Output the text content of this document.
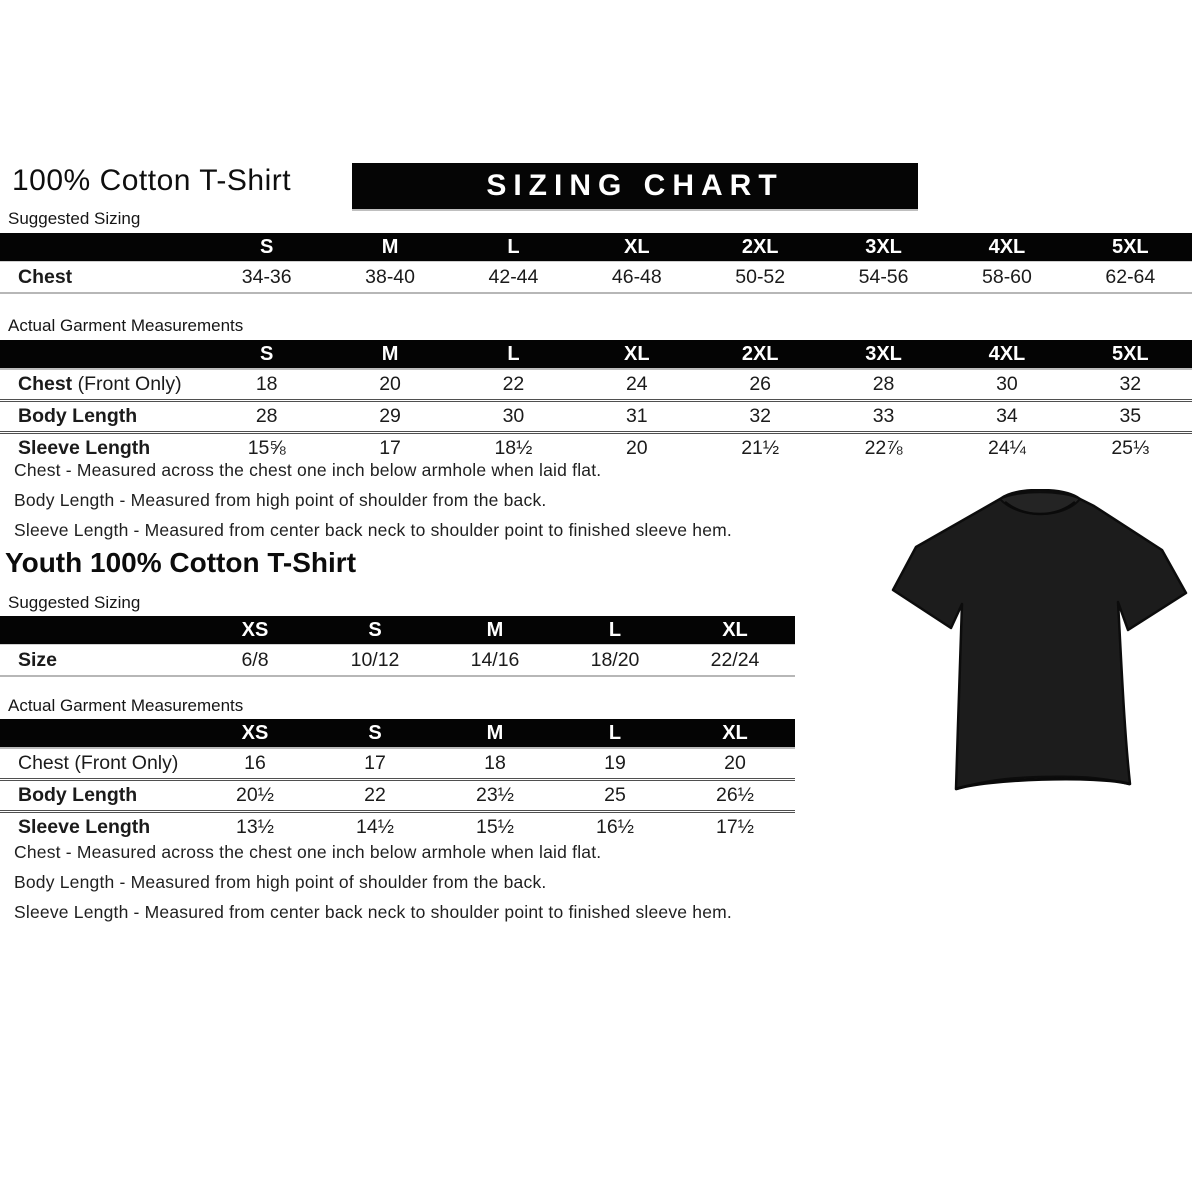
100% Cotton T-Shirt	SIZING CHART
Suggested Sizing
	S	M	L	XL	2XL	3XL	4XL	5XL
Chest	34-36	38-40	42-44	46-48	50-52	54-56	58-60	62-64
Actual Garment Measurements
	S	M	L	XL	2XL	3XL	4XL	5XL
Chest (Front Only)	18	20	22	24	26	28	30	32
Body Length	28	29	30	31	32	33	34	35
Sleeve Length	15⅝	17	18½	20	21½	22⅞	24¼	25⅓

Chest - Measured across the chest one inch below armhole when laid flat.

Body Length - Measured from high point of shoulder from the back.

Sleeve Length - Measured from center back neck to shoulder point to finished sleeve hem.

Youth 100% Cotton T-Shirt
Suggested Sizing
	XS	S	M	L	XL
Size	6/8	10/12	14/16	18/20	22/24
Actual Garment Measurements
	XS	S	M	L	XL
Chest (Front Only)	16	17	18	19	20
Body Length	20½	22	23½	25	26½
Sleeve Length	13½	14½	15½	16½	17½

Chest - Measured across the chest one inch below armhole when laid flat.

Body Length - Measured from high point of shoulder from the back.

Sleeve Length - Measured from center back neck to shoulder point to finished sleeve hem.
